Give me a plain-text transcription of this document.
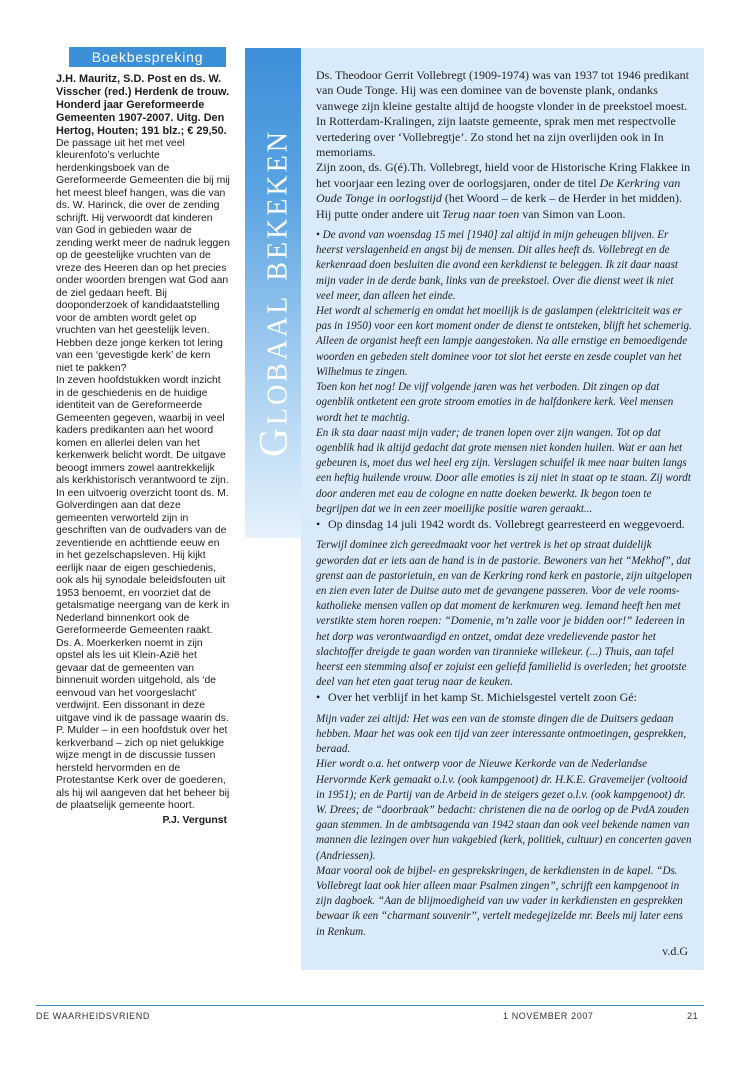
Boekbespreking
J.H. Mauritz, S.D. Post en ds. W. Visscher (red.) Herdenk de trouw. Honderd jaar Gereformeerde Gemeenten 1907-2007. Uitg. Den Hertog, Houten; 191 blz.; € 29,50.
De passage uit het met veel kleurenfoto’s verluchte herdenkingsboek van de Gereformeerde Gemeenten die bij mij het meest bleef hangen, was die van ds. W. Harinck, die over de zending schrijft. Hij verwoordt dat kinderen van God in gebieden waar de zending werkt meer de nadruk leggen op de geestelijke vruchten van de vreze des Heeren dan op het precies onder woorden brengen wat God aan de ziel gedaan heeft. Bij dooponderzoek of kandidaatstelling voor de ambten wordt gelet op vruchten van het geestelijk leven. Hebben deze jonge kerken tot lering van een ‘gevestigde kerk’ de kern niet te pakken?
In zeven hoofdstukken wordt inzicht in de geschiedenis en de huidige identiteit van de Gereformeerde Gemeenten gegeven, waarbij in veel kaders predikanten aan het woord komen en allerlei delen van het kerkenwerk belicht wordt. De uitgave beoogt immers zowel aantrekkelijk als kerkhistorisch verantwoord te zijn. In een uitvoerig overzicht toont ds. M. Golverdingen aan dat deze gemeenten verworteld zijn in geschriften van de oudvaders van de zeventiende en achttiende eeuw en in het gezelschapsleven. Hij kijkt eerlijk naar de eigen geschiedenis, ook als hij synodale beleidsfouten uit 1953 benoemt, en voorziet dat de getalsmatige neergang van de kerk in Nederland binnenkort ook de Gereformeerde Gemeenten raakt. Ds. A. Moerkerken noemt in zijn opstel als les uit Klein-Azië het gevaar dat de gemeenten van binnenuit worden uitgehold, als ‘de eenvoud van het voorgeslacht’ verdwijnt. Een dissonant in deze uitgave vind ik de passage waarin ds. P. Mulder – in een hoofdstuk over het kerkverband – zich op niet gelukkige wijze mengt in de discussie tussen hersteld hervormden en de Protestantse Kerk over de goederen, als hij wil aangeven dat het beheer bij de plaatselijk gemeente hoort.
P.J. Vergunst
Globaal bekeken

Ds. Theodoor Gerrit Vollebregt (1909-1974) was van 1937 tot 1946 predikant van Oude Tonge. Hij was een dominee van de bovenste plank, ondanks vanwege zijn kleine gestalte altijd de hoogste vlonder in de preekstoel moest. In Rotterdam-Kralingen, zijn laatste gemeente, sprak men met respectvolle vertedering over ‘Vollebregtje’. Zo stond het na zijn overlijden ook in In memoriams.

Zijn zoon, ds. G(é).Th. Vollebregt, hield voor de Historische Kring Flakkee in het voorjaar een lezing over de oorlogsjaren, onder de titel De Kerkring van Oude Tonge in oorlogstijd (het Woord – de kerk – de Herder in het midden). Hij putte onder andere uit Terug naar toen van Simon van Loon.

• De avond van woensdag 15 mei [1940] zal altijd in mijn geheugen blijven. Er heerst verslagenheid en angst bij de mensen. Dit alles heeft ds. Vollebregt en de kerkenraad doen besluiten die avond een kerkdienst te beleggen. Ik zit daar naast mijn vader in de derde bank, links van de preekstoel. Over die dienst weet ik niet veel meer, dan alleen het einde.

Het wordt al schemerig en omdat het moeilijk is de gaslampen (elektriciteit was er pas in 1950) voor een kort moment onder de dienst te ontsteken, blijft het schemerig. Alleen de organist heeft een lampje aangestoken. Na alle ernstige en bemoedigende woorden en gebeden stelt dominee voor tot slot het eerste en zesde couplet van het Wilhelmus te zingen.

Toen kon het nog! De vijf volgende jaren was het verboden. Dit zingen op dat ogenblik ontketent een grote stroom emoties in de halfdonkere kerk. Veel mensen wordt het te machtig.

En ik sta daar naast mijn vader; de tranen lopen over zijn wangen. Tot op dat ogenblik had ik altijd gedacht dat grote mensen niet konden huilen. Wat er aan het gebeuren is, moet dus wel heel erg zijn. Verslagen schuifel ik mee naar buiten langs een heftig huilende vrouw. Door alle emoties is zij niet in staat op te staan. Zij wordt door anderen met eau de cologne en natte doeken bewerkt. Ik begon toen te begrijpen dat we in een zeer moeilijke positie waren geraakt...

• Op dinsdag 14 juli 1942 wordt ds. Vollebregt gearresteerd en weggevoerd.

Terwijl dominee zich gereedmaakt voor het vertrek is het op straat duidelijk geworden dat er iets aan de hand is in de pastorie. Bewoners van het “Mekhof”, dat grenst aan de pastorietuin, en van de Kerkring rond kerk en pastorie, zijn uitgelopen en zien even later de Duitse auto met de gevangene passeren. Voor de vele rooms-katholieke mensen vallen op dat moment de kerkmuren weg. Iemand heeft hen met verstikte stem horen roepen: “Domenie, m’n zalle voor je bidden oor!” Iedereen in het dorp was verontwaardigd en ontzet, omdat deze vredelievende pastor het slachtoffer dreigde te gaan worden van tirannieke willekeur. (...) Thuis, aan tafel heerst een stemming alsof er zojuist een geliefd familielid is overleden; het grootste deel van het eten gaat terug naar de keuken.

• Over het verblijf in het kamp St. Michielsgestel vertelt zoon Gé:

Mijn vader zei altijd: Het was een van de stomste dingen die de Duitsers gedaan hebben. Maar het was ook een tijd van zeer interessante ontmoetingen, gesprekken, beraad.

Hier wordt o.a. het ontwerp voor de Nieuwe Kerkorde van de Nederlandse Hervormde Kerk gemaakt o.l.v. (ook kampgenoot) dr. H.K.E. Gravemeijer (voltooid in 1951); en de Partij van de Arbeid in de steigers gezet o.l.v. (ook kampgenoot) dr. W. Drees; de “doorbraak” bedacht: christenen die na de oorlog op de PvdA zouden gaan stemmen. In de ambtsagenda van 1942 staan dan ook veel bekende namen van mannen die lezingen over hun vakgebied (kerk, politiek, cultuur) en concerten gaven (Andriessen).

Maar vooral ook de bijbel- en gesprekskringen, de kerkdiensten in de kapel. “Ds. Vollebregt laat ook hier alleen maar Psalmen zingen”, schrijft een kampgenoot in zijn dagboek. “Aan de blijmoedigheid van uw vader in kerkdiensten en gesprekken bewaar ik een “charmant souvenir”, vertelt medegejizelde mr. Beels mij later eens in Renkum.

v.d.G
DE WAARHEIDSVRIEND	1 NOVEMBER 2007	21
